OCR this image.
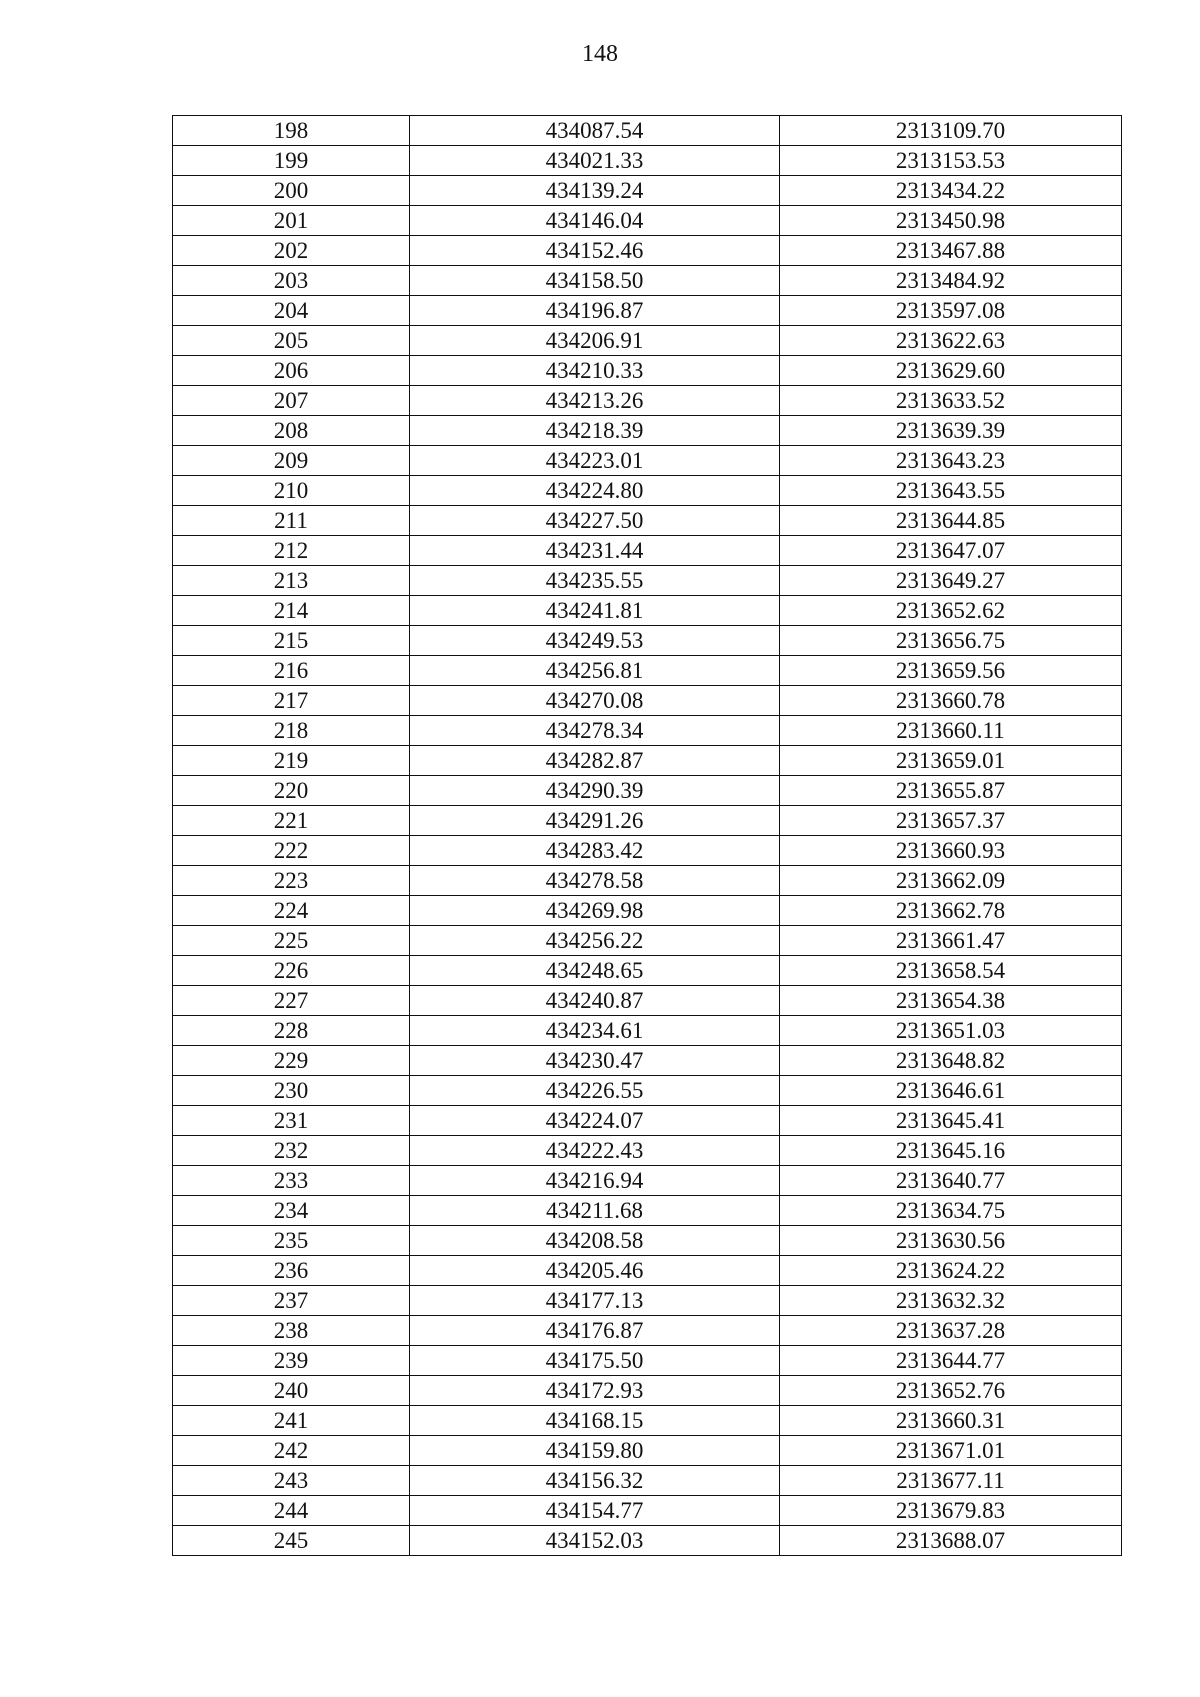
148
198	434087.54	2313109.70
199	434021.33	2313153.53
200	434139.24	2313434.22
201	434146.04	2313450.98
202	434152.46	2313467.88
203	434158.50	2313484.92
204	434196.87	2313597.08
205	434206.91	2313622.63
206	434210.33	2313629.60
207	434213.26	2313633.52
208	434218.39	2313639.39
209	434223.01	2313643.23
210	434224.80	2313643.55
211	434227.50	2313644.85
212	434231.44	2313647.07
213	434235.55	2313649.27
214	434241.81	2313652.62
215	434249.53	2313656.75
216	434256.81	2313659.56
217	434270.08	2313660.78
218	434278.34	2313660.11
219	434282.87	2313659.01
220	434290.39	2313655.87
221	434291.26	2313657.37
222	434283.42	2313660.93
223	434278.58	2313662.09
224	434269.98	2313662.78
225	434256.22	2313661.47
226	434248.65	2313658.54
227	434240.87	2313654.38
228	434234.61	2313651.03
229	434230.47	2313648.82
230	434226.55	2313646.61
231	434224.07	2313645.41
232	434222.43	2313645.16
233	434216.94	2313640.77
234	434211.68	2313634.75
235	434208.58	2313630.56
236	434205.46	2313624.22
237	434177.13	2313632.32
238	434176.87	2313637.28
239	434175.50	2313644.77
240	434172.93	2313652.76
241	434168.15	2313660.31
242	434159.80	2313671.01
243	434156.32	2313677.11
244	434154.77	2313679.83
245	434152.03	2313688.07
